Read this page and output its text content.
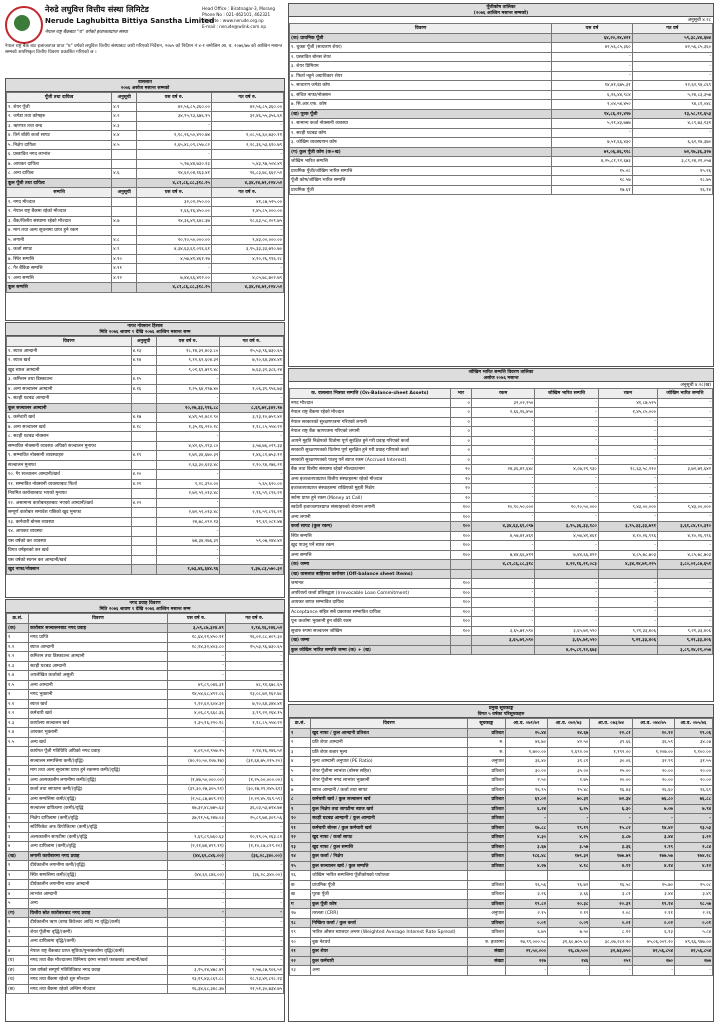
नेरुडे लघुवित्त वित्तीय संस्था लिमिटेड
Nerude Laghubitta Bittiya Sanstha Limited
नेपाल राष्ट्र बैंकबाट "घ" वर्गको इजाजतप्राप्त संस्था
Head Office : Biratnagar-3, Morang
Phone No : 021-462101, 462321
Website : www.nerude.org.np
E-mail : nerude@wlink.com.np
नेपाल राष्ट्र बैंक बाट इजाजतपत्र प्राप्त "घ" वर्गको लघुवित्त वित्तीय संस्थाबाट जारी गरिएको निर्देशन, २०७५ को निर्देशन नं ४-१ बमोजिम आ. व. २०७६/७७ को आश्विन मसान्त सम्मको अपरिष्कृत वित्तीय विवरण प्रकाशित गरिएको छ ।
वासलात
२०७६ असोज मसान्त सम्मको
पूँजी तथा दायित्व	अनुसूची	यस वर्ष रु.	गत वर्ष रु.
१. शेयर पूँजी	४.१	४२,५६,८५,३६०.००	४२,५६,८५,३६०.००
२. जगेडा तथा कोषहरु	४.२	३४,९५,९३,६७६.१५	३२,४६,५५,३५६.६१
३. ऋणपत्र तथा बन्ड	४.३	-	-
४. तिर्न बाँकी कर्जा सापट	४.४	१,१८,२६,५०,४९०.७४	१,०८,५६,६०,७३०.११
५. निक्षेप दायित्व	४.५	२,६५,४८,०९,८५७.८२	२,२८,३६,५३,६१०.७९
६. प्रस्तावित नगद लाभांश		-	-
७. आयकर दायित्व		५,९७,४४,७३०.१३	५,४३,९७,५०४.४९
८. अन्य दायित्व	४.६	१४,६२,०४,१६३.४१	१६,८३,७८,६६२.५२
कूल पूँजी तथा दायित्व		४,८१,८६,८८,३१८.२५	४,३४,२४,७१,२२४.५२
सम्पत्ति	अनुसूची	यस वर्ष रु.	गत वर्ष रु.
१. नगद मौज्दात		३२,०२,२५०.००	४१,८७,५२५.००
२. नेपाल राष्ट्र बैंकमा रहेको मौज्दात		१,६६,१६,४५०.००	१,४५,८५,०००.००
३. बैंक/वित्तीय संस्थामा रहेको मौज्दात	४.७	२४,३६,४९,६४८.३७	१८,६३,५८,२०९.७५
४. माग तथा अल्प सूचनामा प्राप्त हुने रकम		-	-
५. लगानी	४.८	१०,९०,५०,०००.००	९,४३,००,०००.००
६. कर्जा सापट	४.९	४,३४,६३,६१,०९६.६१	३,९५,३३,३३,७९०.७०
७. स्थिर सम्पत्ति	४.१०	४,५७,४१,४६१.२७	४,१०,२६,९९६.२८
८. गैर बैंकिङ सम्पत्ति	४.११	-	-
९. अन्य सम्पत्ति	४.१२	७,४४,६६,४१२.००	४,८५,७८,७०२.७९
कूल सम्पत्ति		४,८१,८६,८८,३१८.२५	४,३४,२४,७१,२२४.५२
नाफा नोक्सान हिसाब
मिति २०७६ श्रावण १ देखि २०७६ आश्विन मसान्त सम्म
विवरण	अनुसूची	यस वर्ष रु.	गत वर्ष रु.
१. ब्याज आम्दानी	४.१३	१८,१४,३२,४०३.८०	१५,५३,९६,७३०.६५
२. ब्याज खर्च	४.१४	९,१२,६२,६०४.३२	७,९०,६४,३४४.४१
खुद ब्याज आम्दानी		९,०१,६९,७९९.४८	७,६३,३२,३८६.२४
३. कमिशन तथा डिस्काउन्ट	४.१५	-	-
४. अन्य सञ्चालन आम्दानी	४.१६	१,२५,६४,१९७.४०	१,०६,३९,९५६.७३
५. सटही घटबढ आम्दानी		-	-
कूल सञ्चालन आम्दानी		१०,२७,३३,९९६.८८	८,६९,७२,३४२.९७
६. कर्मचारी खर्च	४.१७	४,४९,५२,४८२.९०	३,९३,१०,७५९.४२
७. अन्य सञ्चालन खर्च	४.१८	१,३५,१६,२२०.१८	१,१८,८५,५५४.२२
८. सटही घटबढ नोक्सान		-	-
सम्भावित नोक्सानी व्यवस्था अघिको सञ्चालन मुनाफा		४,४२,६५,२९३.८०	३,५७,७६,०२९.३३
९. सम्भावित नोक्सानी व्यवस्थाहरु	४.१९	१,७९,३४,६७०.३२	१,४६,८१,७५३.१२
सञ्चालन मुनाफा		२,६३,३०,६२३.४८	२,१०,९४,२७६.२१
१०. गैर सञ्चालन आम्दानी/खर्च	४.२०	-	-
११. सम्भावित नोक्सानी व्यवस्थाबाट फिर्ता	४.२१	९,२८,३९०.००	५,६५,६२०.००
नियमित कारोबारबाट भएको मुनाफा		२,७२,५९,०१३.४८	२,१६,५९,८९६.२१
१२. असामान्य कारोबारहरुबाट भएको आम्दानी/खर्च	४.२२	-	-
सम्पूर्ण कारोबार समावेश पछिको खुद मुनाफा		२,७२,५९,०१३.४८	२,१६,५९,८९६.२१
१३. कर्मचारी बोनस व्यवस्था		२४,७८,०९२.१३	१९,६९,०८१.४७
१४. आयकर व्यवस्था		-	-
यस वर्षको कर व्यवस्था		७४,३४,२७६.३९	५९,०७,२४४.४२
विगत वर्षहरुको कर खर्च		-	-
यस वर्षको स्थगन कर आम्दानी/खर्च		-	-
खुद नाफा/नोक्सान		१,७३,४६,६४४.९६	१,३७,८३,५७०.३२
नगद प्रवाह विवरण
मिति २०७६ श्रावण १ देखि २०७६ आश्विन मसान्त सम्म
क्र.सं.	विवरण	यस वर्ष रु.	गत वर्ष रु.
(क)	कारोबार सञ्चालनबाट नगद प्रवाह	३,५९,८७,३२४.४९	२,९४,१६,२४६.५२
१	नगद प्राप्ति	१८,६४,२१,४५०.११	१६,०२,८८,४०९.३०
१.१	ब्याज आम्दानी	१८,१४,३२,४०३.८०	१५,५३,९६,७३०.६५
१.२	कमिशन तथा डिस्काउन्ट आम्दानी	-	-
१.३	सटही घटबढ आम्दानी	-	-
१.४	अपलेखित कर्जाको असुली	-	-
१.५	अन्य आम्दानी	४९,८९,०४६.३१	४८,९१,६७८.६५
२	नगद भुक्तानी	१४,५४,६८,४९२.८६	१३,०८,७२,१६२.७८
२.१	ब्याज खर्च	९,१२,६२,६०४.३२	७,९०,६४,३४४.४१
२.२	कर्मचारी खर्च	४,०६,८९,६६८.३६	३,९९,२२,२६४.१५
२.३	कार्यालय सञ्चालन खर्च	१,३५,१६,२२०.१८	१,१८,८५,५५४.२२
२.४	आयकर भुक्तानी	-	-
२.५	अन्य खर्च	-	-
	कार्यगत पूँजी गतिविधि अघिको नगद प्रवाह	४,०९,५२,९५७.२५	२,९४,१६,२४६.५२
	सञ्चालन सम्पत्तिमा कमी/(वृद्धि)	(४०,२०,५०,१०७.१७)	(३१,६४,७५,२१५.२०)
१	माग तथा अल्प सूचनामा प्राप्त हुने रकममा कमी/(वृद्धि)	-	-
२	अन्य अल्पकालीन लगानीमा कमी/(वृद्धि)	(१,४७,५०,०००.००)	(१,२५,००,०००.००)
३	कर्जा तथा सापटमा कमी/(वृद्धि)	(३९,३०,२७,३०५.९१)	(३०,१७,२९,२४५.६१)
४	अन्य सम्पत्तिमा कमी/(वृद्धि)	(२,५८,८७,७०९.२१)	(२,२२,४५,९६९.५९)
	सञ्चालन दायित्वमा (कमी)/वृद्धि	४७,३२,४८,७७५.६३	३६,०३,५३,७९४.७४
१	निक्षेप दायित्वमा (कमी)/वृद्धि	३७,११,५६,२४७.०३	२५,८९,७४,३०९.५६
२	सर्टिफिकेट अफ डिपोजिटमा (कमी)/वृद्धि	-	-
३	अल्पकालीन सापटीमा (कमी)/वृद्धि	९,६९,८९,७६०.६३	१०,१९,०५,२६३.८१
४	अन्य दायित्वमा (कमी)/वृद्धि	(२,२१,७४,४९९.११)	(१,१०,८७,८२९.२०)
(ख)	लगानी कारोबारमा नगद प्रवाह	(४४,६२,८४६.००)	(३६,२८,३४०.००)
१	दीर्घकालीन लगानीमा कमी/(वृद्धि)	-	-
२	स्थिर सम्पत्तिमा कमी/(वृद्धि)	(४४,६२,८४६.००)	(३६,२८,३४०.००)
३	दीर्घकालीन लगानीमा ब्याज आम्दानी	-	-
४	लाभांश आम्दानी	-	-
५	अन्य	-	-
(ग)	वित्तीय स्रोत कारोबारबाट नगद प्रवाह	-	-
१	दीर्घकालीन ऋण (बण्ड डिवेञ्चर आदि) मा वृद्धि/(कमी)	-	-
२	शेयर पूँजीमा वृद्धि/(कमी)	-	-
३	अन्य दायित्वमा वृद्धि/(कमी)	-	-
४	नेपाल राष्ट्र बैंकबाट प्राप्त सुविधा/पुनरकर्जामा वृद्धि/(कमी)	-	-
(घ)	नगद तथा बैंक मौज्दातमा विनिमय दरमा भएको फरकबाट आम्दानी/खर्च	-	-
(ङ)	यस वर्षको सम्पूर्ण गतिविधिबाट नगद प्रवाह	३,१५,२४,४७८.४९	२,५७,८७,९०६.५२
(च)	नगद तथा बैंकमा रहेको शुरु मौज्दात	२३,१९,४३,८६९.८८	१८,९३,४२,८२८.२३
(छ)	नगद तथा बैंकमा रहेको अन्तिम मौज्दात	२६,३४,६८,३४८.३७	२१,५१,३०,७३४.७५
पूँजीकोष तालिका
(२०७६ आश्विन मसान्त सम्मको)
अनुसूची ४.२८
विवरण	यस वर्ष	गत वर्ष
(क) प्राथमिक पूँजी	६४,२०,२४,४२१	५९,३८,४४,६७४
१. चुक्ता पूँजी (साधारण शेयर)	४२,५६,८५,३६०	४२,५६,८५,३६०
२. प्रस्तावित बोनस शेयर	-	-
३. शेयर प्रिमियम	-	-
४. फिर्ता नहुने अग्राधिकार शेयर	-	-
५. साधारण जगेडा कोष	१४,४१,६७५,३१	१२,६२,९४,८६९
६. संचित नाफा/नोक्सान	६,१६,४४,९८४	५,२४,८३,३५७
७. सि.आर.एफ. कोष	१,०४,५४,४५०	९४,८१,०४८
(ख) पूरक पूँजी	१४,८६,२२,४९७	१३,५८,९१,६५३
१. सामान्य कर्जा नोक्सानी व्यवस्था	५,२१,४३,७७७	४,८९,७३,१३१
२. सटही घटबढ कोष	-	-
३. जोखिम व्यवस्थापन कोष	७,५१,६६,४३०	६,६२,१४,३७०
(ग) कुल पूँजी कोष (क+ख)	७९,०६,४६,९१८	७२,९७,३६,३२७
जोखिम भारित सम्पत्ति	४,२५,८१,९२,६७३	३,८९,२४,२१,०५७
प्राथमिक पूँजी/जोखिम भारित सम्पत्ति	१५.०८	१५.२६
पूँजी कोष/जोखिम भारित सम्पत्ति	१८.५७	१८.७५
प्राथमिक पूँजी	१७.६१	१६.१४
जोखिम भारित सम्पत्ति विवरण तालिका
असोज २०७६ मसान्त
अनुसूची ४.२८(ख)
क. वासलात भित्रका सम्पत्ति (On-Balance-sheet Assets)	भार	रकम	जोखिम भारित सम्पत्ति	रकम	जोखिम भारित सम्पत्ति
नगद मौज्दात	०	३२,०२,२५०	-	४१,८७,५२५	-
नेपाल राष्ट्र बैंकमा रहेको मौज्दात	०	१,६६,१६,४५०	-	१,४५,८५,०००	-
नेपाल सरकारको सुरक्षणपत्रमा गरिएको लगानी	०	-	-	-	-
नेपाल राष्ट्र बैंक ऋणपत्रमा गरिएको लगानी	०	-	-	-	-
आफ्नै मुद्दति निक्षेपको धितोमा पूर्ण सुरक्षित हुने गरी प्रवाह गरिएको कर्जा	०	-	-	-	-
सरकारी सुरक्षणपत्रको धितोमा पूर्ण सुरक्षित हुने गरी प्रवाह गरिएको कर्जा	०	-	-	-	-
सरकारी सुरक्षणपत्रको पाउनु पर्ने ब्याज रकम (Accrued Interest)	०	-	-	-	-
बैंक तथा वित्तीय संस्थामा रहेको मौज्दात/माग	२०	२४,३६,४९,६४८	४,८७,२९,९३०	१८,६३,५८,२१०	३,७२,७१,६४२
अन्य इजाजतपत्रप्राप्त वित्तीय संस्थाहरुमा रहेको मौज्दात	२०	-	-	-	-
इजाजतपत्रप्राप्त संस्थाहरुमा राखिएको मुद्दती निक्षेप	२०	-	-	-	-
सर्टमा प्राप्त हुने रकम (Money at Call)	२०	-	-	-	-
स्वदेशी इजाजतपत्रप्राप्त संस्थाहरुको शेयरमा लगानी	१००	१०,९०,५०,०००	१०,९०,५०,०००	९,४३,००,०००	९,४३,००,०००
अन्य लगानी	१००	-	-	-	-
कर्जा सापट (कुल रकम)	१००	४,३४,६३,६१,०९७	३,९५,३६,३३,१८०	३,९५,३३,३३,७९१	३,६१,८४,१०,३१०
स्थिर सम्पत्ति	१००	४,५७,४१,४६१	४,५७,४१,४६१	४,१०,२६,९९६	४,१०,२६,९९६
खुद पाउनु पर्ने ब्याज रकम	१००	-	-	-	-
अन्य सम्पत्ति	१००	७,४४,६६,४१२	७,४४,६६,४१२	४,८५,७८,७०३	४,८५,७८,७०३
(क) जम्मा		४,८१,८६,८८,३१८	४,२२,१६,२१,०८३	४,३४,२४,७१,२२५	३,८०,०२,८७,६५१
(ख) वासलात बाहिरका कारोबार (Off-balance sheet Items)					
जमानत	१००	-	-	-	-
अपरिवर्त्य कर्जा प्रतिबद्धता (Irrevocable Loan Commitment)	१००	-	-	-	-
आयकर बापत सम्भावित दायित्व	१००	-	-	-	-
Acceptance सहित सबै प्रकारका सम्भावित दायित्व	१००	-	-	-	-
पूनः कर्जामा भुक्तानी हुन बाँकी रकम	१००	-	-	-	-
सुचारु रुपमा सञ्चालन जोखिम	१००	३,६५,७१,५९०	३,६५,७१,५९०	९,२१,३३,४०६	९,२१,३३,४०६
(ख) जम्मा		३,६५,७१,५९०	३,६५,७१,५९०	९,२१,३३,४०६	९,२१,३३,४०६
कुल जोखिम भारित सम्पत्ति जम्मा (क) + (ख)			४,२५,८१,९२,६७३		३,८९,२४,२१,०५७
प्रमुख सूचकाङ्क
विगत ५ वर्षका परिसूचकहरु
क्र.सं.	विवरण	सूचकाङ्क	आ.व. ०७१/७२	आ.व. ०७२/७३	आ.व. ०७३/७४	आ.व. ०७४/७५	आ.व. ०७५/७६
१	खुद नाफा / कुल आम्दानी प्रतिशत	प्रतिशत	२५.४४	२४.६७	२२.८१	२०.१२	१९.०६
२	प्रति शेयर आम्दानी	रु.	४६.७०	४२.५०	३९.६६	३६.५९	३४.८७
३	प्रति शेयर बजार मूल्य	रु.	१,७००.००	१,६९२.००	१,१९२.००	१,२०७.००	१,१००.००
४	मूल्य आम्दानी अनुपात (PE Ratio)	अनुपात	३६.४०	३९.८१	३०.०६	३२.९९	३१.५५
५	शेयर पूँजीमा लाभांश (बोनस सहित)	प्रतिशत	३०.००	३५.००	२५.००	२०.००	२०.००
६	शेयर पूँजीमा नगद लाभांश भुक्तानी	प्रतिशत	२.५०	१.७५	२०.००	२०.००	२०.००
७	ब्याज आम्दानी / कर्जा तथा सापट	प्रतिशत	१६.९५	१५.४८	१६.४३	१६.६०	१६.६९
८	कर्मचारी खर्च / कुल सञ्चालन खर्च	प्रतिशत	६९.०२	७०.३१	७२.३४	७६.८०	७६.८८
९	कुल निक्षेप तथा सापटीमा ब्याज खर्च	प्रतिशत	६.२४	६.२५	६.३०	७.०७	७.९४
१०	सटही घटबढ आम्दानी / कुल आम्दानी	प्रतिशत	-	-	-	-	-
११	कर्मचारी बोनस / कुल कर्मचारी खर्च	प्रतिशत	१७.८८	१९.१९	१५.८२	१४.४२	१३.५३
१२	खुद नाफा / कर्जा सापट	प्रतिशत	४.३०	४.२५	३.८७	३.४४	३.२२
१३	खुद नाफा / कुल सम्पत्ति	प्रतिशत	३.६७	३.५७	३.३६	२.९९	२.८४
१४	कुल कर्जा / निक्षेप	प्रतिशत	१८६.४८	१७९.३२	१७७.७९	१७७.५७	१७४.२८
१५	कुल सञ्चालन खर्च / कुल सम्पत्ति	प्रतिशत	४.२७	४.१८	४.११	४.१४	४.१२
१६	जोखिम भारित सम्पत्तिमा पूँजीकोषको पर्याप्तता						
क	प्राथमिक पूँजी	प्रतिशत	१६.५६	१६.७२	१६.५८	१५.७०	१५.०८
ख	पूरक पूँजी	प्रतिशत	३.२६	३.६६	३.८१	३.४४	३.४९
ग	कुल पूँजी कोष	प्रतिशत	१९.८२	२०.३८	२०.३९	१९.१४	१८.५७
१७	तरलता (CRR)	अनुपात	२.१५	२.१२	२.०८	२.११	२.२६
१८	निष्क्रिय कर्जा / कुल कर्जा	प्रतिशत	०.०१	०.०१	०.०१	०.०२	०.०१
१९	भारित औसत ब्याजदर अन्तर (Weighted Average Interest Rate Spread)	प्रतिशत	६.७५	७.५०	८.१२	६.१३	५.८४
२०	बुक नेटवर्थ	रु. हजारमा	२७,९९,०००.५८	३१,६०,७०५.६०	३८,०७,२८२.२०	४५,०६,००९.२०	४९,६६,९४७.००
२१	कुल शेयर	संख्या	२१,५०,०००	२६,८७,५००	३२,७३,७५०	४२,५६,८५४	४२,५६,८५४
२२	कुल कर्मचारी	संख्या	२२७	२४६	२५९	२७०	२७७
२३	अन्य		-	-	-	-	-
